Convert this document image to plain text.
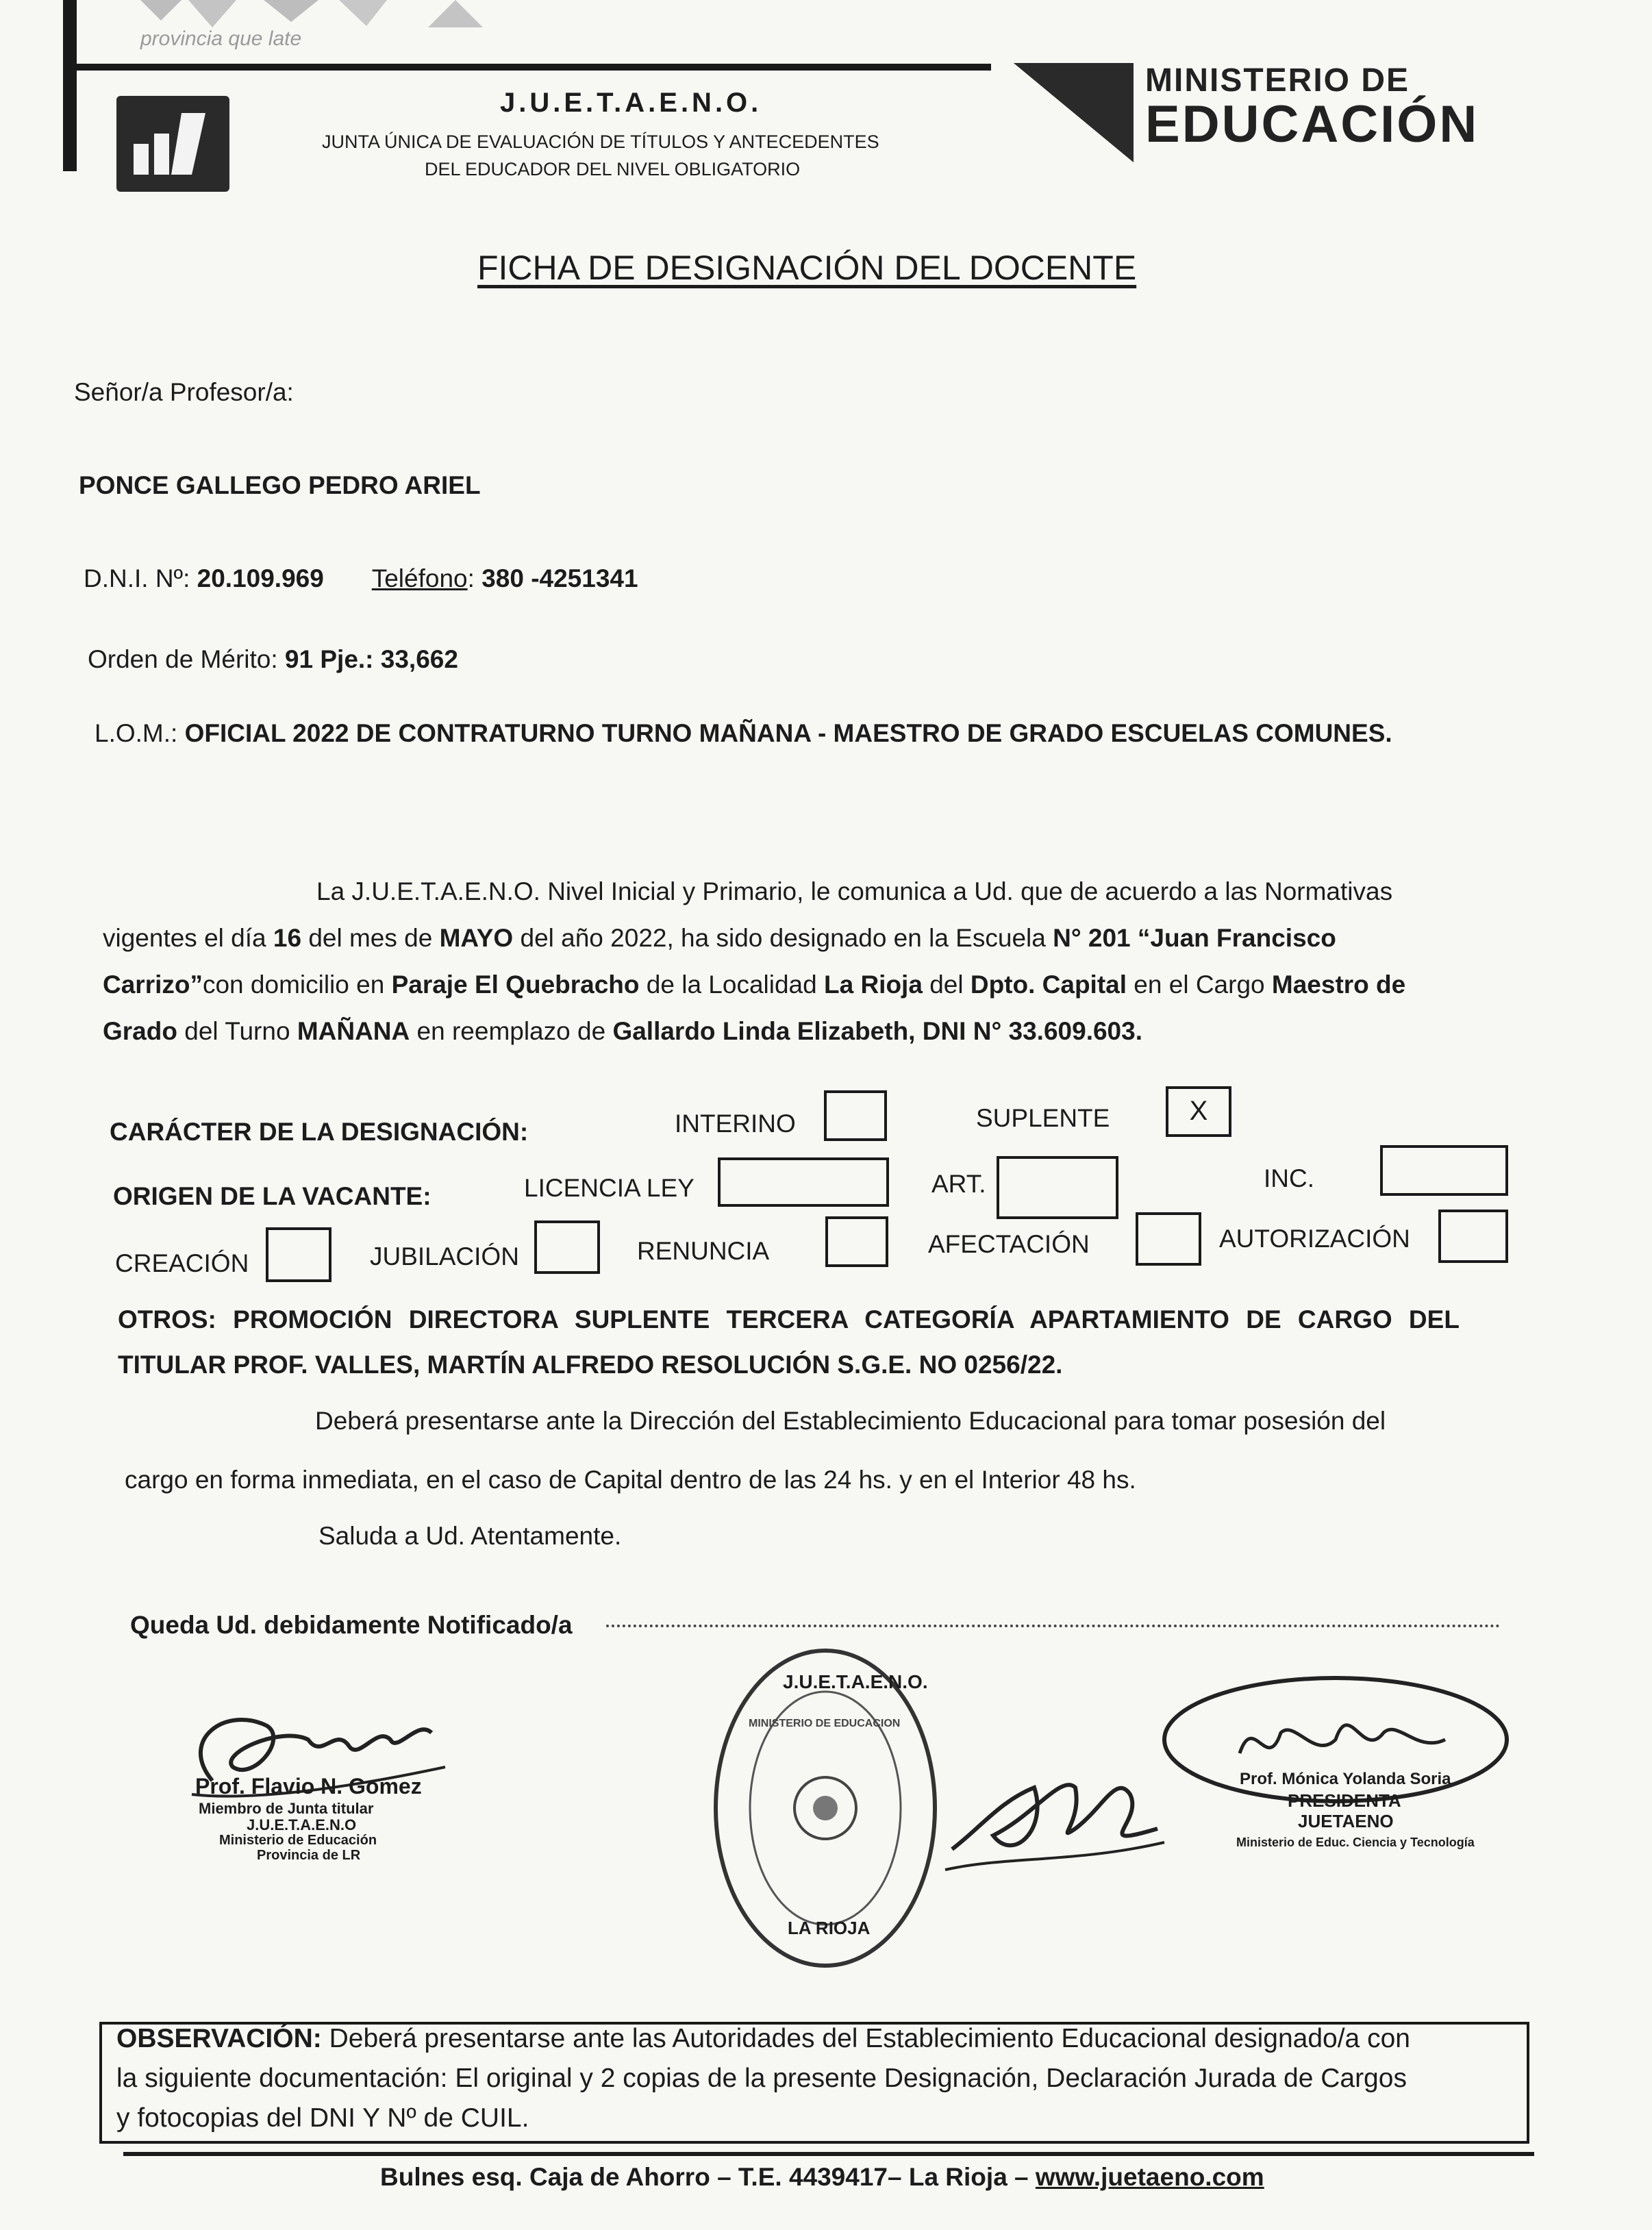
provincia que late
J.U.E.T.A.E.N.O.
JUNTA ÚNICA DE EVALUACIÓN DE TÍTULOS Y ANTECEDENTES
DEL EDUCADOR DEL NIVEL OBLIGATORIO
MINISTERIO DE
EDUCACIÓN
FICHA DE DESIGNACIÓN DEL DOCENTE
Señor/a Profesor/a:
PONCE GALLEGO PEDRO ARIEL
D.N.I. Nº: 20.109.969 Teléfono: 380 -4251341
Orden de Mérito: 91 Pje.: 33,662
L.O.M.: OFICIAL 2022 DE CONTRATURNO TURNO MAÑANA - MAESTRO DE GRADO ESCUELAS COMUNES.
La J.U.E.T.A.E.N.O. Nivel Inicial y Primario, le comunica a Ud. que de acuerdo a las Normativas
vigentes el día 16 del mes de MAYO del año 2022, ha sido designado en la Escuela N° 201 “Juan Francisco
Carrizo”con domicilio en Paraje El Quebracho de la Localidad La Rioja del Dpto. Capital en el Cargo Maestro de
Grado del Turno MAÑANA en reemplazo de Gallardo Linda Elizabeth, DNI N° 33.609.603.
CARÁCTER DE LA DESIGNACIÓN:	INTERINO	SUPLENTE	X
ORIGEN DE LA VACANTE:	LICENCIA LEY	ART.	INC.
CREACIÓN	JUBILACIÓN	RENUNCIA	AFECTACIÓN	AUTORIZACIÓN
OTROS: PROMOCIÓN DIRECTORA SUPLENTE TERCERA CATEGORÍA APARTAMIENTO DE CARGO DEL
TITULAR PROF. VALLES, MARTÍN ALFREDO RESOLUCIÓN S.G.E. NO 0256/22.
Deberá presentarse ante la Dirección del Establecimiento Educacional para tomar posesión del
cargo en forma inmediata, en el caso de Capital dentro de las 24 hs. y en el Interior 48 hs.
Saluda a Ud. Atentamente.
Queda Ud. debidamente Notificado/a
Prof. Flavio N. Gomez
Miembro de Junta titular
J.U.E.T.A.E.N.O
Ministerio de Educación
Provincia de LR
J.U.E.T.A.E.N.O.
MINISTERIO DE EDUCACION
LA RIOJA
Prof. Mónica Yolanda Soria
PRESIDENTA
JUETAENO
Ministerio de Educ. Ciencia y Tecnología
OBSERVACIÓN: Deberá presentarse ante las Autoridades del Establecimiento Educacional designado/a con
la siguiente documentación: El original y 2 copias de la presente Designación, Declaración Jurada de Cargos
y fotocopias del DNI Y Nº de CUIL.
Bulnes esq. Caja de Ahorro – T.E. 4439417– La Rioja – www.juetaeno.com
